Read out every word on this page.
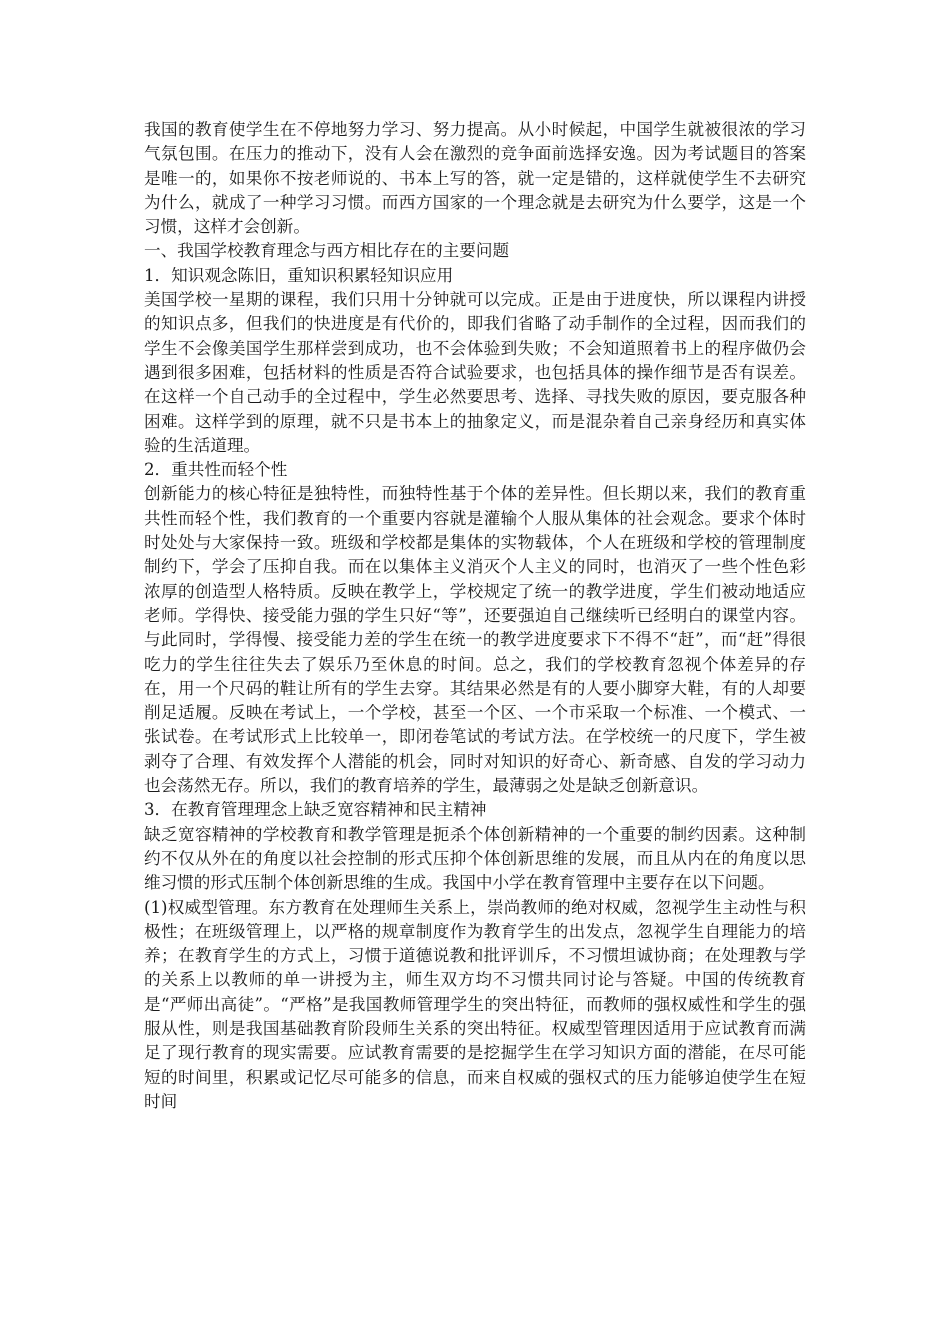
我国的教育使学生在不停地努力学习、努力提高。从小时候起，中国学生就被很浓的学习气氛包围。在压力的推动下，没有人会在激烈的竞争面前选择安逸。因为考试题目的答案是唯一的，如果你不按老师说的、书本上写的答，就一定是错的，这样就使学生不去研究为什么，就成了一种学习习惯。而西方国家的一个理念就是去研究为什么要学，这是一个习惯，这样才会创新。

一、我国学校教育理念与西方相比存在的主要问题

1．知识观念陈旧，重知识积累轻知识应用

美国学校一星期的课程，我们只用十分钟就可以完成。正是由于进度快，所以课程内讲授的知识点多，但我们的快进度是有代价的，即我们省略了动手制作的全过程，因而我们的学生不会像美国学生那样尝到成功，也不会体验到失败；不会知道照着书上的程序做仍会遇到很多困难，包括材料的性质是否符合试验要求，也包括具体的操作细节是否有误差。在这样一个自己动手的全过程中，学生必然要思考、选择、寻找失败的原因，要克服各种困难。这样学到的原理，就不只是书本上的抽象定义，而是混杂着自己亲身经历和真实体验的生活道理。

2．重共性而轻个性

创新能力的核心特征是独特性，而独特性基于个体的差异性。但长期以来，我们的教育重共性而轻个性，我们教育的一个重要内容就是灌输个人服从集体的社会观念。要求个体时时处处与大家保持一致。班级和学校都是集体的实物载体，个人在班级和学校的管理制度制约下，学会了压抑自我。而在以集体主义消灭个人主义的同时，也消灭了一些个性色彩浓厚的创造型人格特质。反映在教学上，学校规定了统一的教学进度，学生们被动地适应老师。学得快、接受能力强的学生只好“等”，还要强迫自己继续听已经明白的课堂内容。与此同时，学得慢、接受能力差的学生在统一的教学进度要求下不得不“赶”，而“赶”得很吃力的学生往往失去了娱乐乃至休息的时间。总之，我们的学校教育忽视个体差异的存在，用一个尺码的鞋让所有的学生去穿。其结果必然是有的人要小脚穿大鞋，有的人却要削足适履。反映在考试上，一个学校，甚至一个区、一个市采取一个标准、一个模式、一张试卷。在考试形式上比较单一，即闭卷笔试的考试方法。在学校统一的尺度下，学生被剥夺了合理、有效发挥个人潜能的机会，同时对知识的好奇心、新奇感、自发的学习动力也会荡然无存。所以，我们的教育培养的学生，最薄弱之处是缺乏创新意识。

3．在教育管理理念上缺乏宽容精神和民主精神

缺乏宽容精神的学校教育和教学管理是扼杀个体创新精神的一个重要的制约因素。这种制约不仅从外在的角度以社会控制的形式压抑个体创新思维的发展，而且从内在的角度以思维习惯的形式压制个体创新思维的生成。我国中小学在教育管理中主要存在以下问题。

(1)权威型管理。东方教育在处理师生关系上，崇尚教师的绝对权威，忽视学生主动性与积极性；在班级管理上，以严格的规章制度作为教育学生的出发点，忽视学生自理能力的培养；在教育学生的方式上，习惯于道德说教和批评训斥，不习惯坦诚协商；在处理教与学的关系上以教师的单一讲授为主，师生双方均不习惯共同讨论与答疑。中国的传统教育是“严师出高徒”。“严格”是我国教师管理学生的突出特征，而教师的强权威性和学生的强服从性，则是我国基础教育阶段师生关系的突出特征。权威型管理因适用于应试教育而满足了现行教育的现实需要。应试教育需要的是挖掘学生在学习知识方面的潜能，在尽可能短的时间里，积累或记忆尽可能多的信息，而来自权威的强权式的压力能够迫使学生在短时间
